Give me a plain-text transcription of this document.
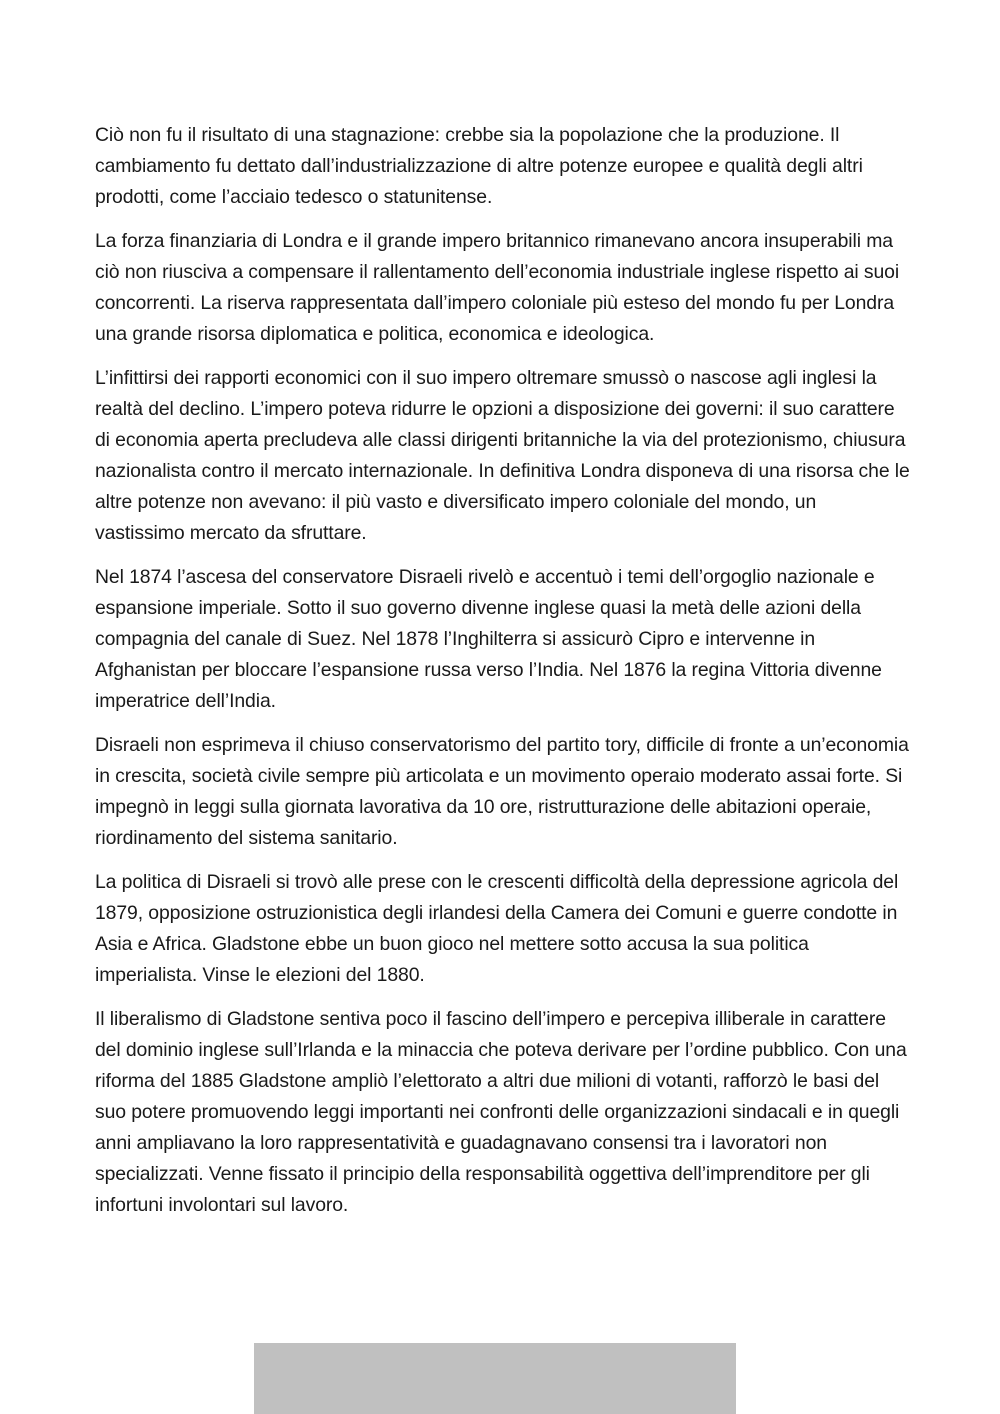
Ciò non fu il risultato di una stagnazione: crebbe sia la popolazione che la produzione. Il cambiamento fu dettato dall’industrializzazione di altre potenze europee e qualità degli altri prodotti, come l’acciaio tedesco o statunitense.

La forza finanziaria di Londra e il grande impero britannico rimanevano ancora insuperabili ma ciò non riusciva a compensare il rallentamento dell’economia industriale inglese rispetto ai suoi concorrenti. La riserva rappresentata dall’impero coloniale più esteso del mondo fu per Londra una grande risorsa diplomatica e politica, economica e ideologica.

L’infittirsi dei rapporti economici con il suo impero oltremare smussò o nascose agli inglesi la realtà del declino. L’impero poteva ridurre le opzioni a disposizione dei governi: il suo carattere di economia aperta precludeva alle classi dirigenti britanniche la via del protezionismo, chiusura nazionalista contro il mercato internazionale. In definitiva Londra disponeva di una risorsa che le altre potenze non avevano: il più vasto e diversificato impero coloniale del mondo, un vastissimo mercato da sfruttare.

Nel 1874 l’ascesa del conservatore Disraeli rivelò e accentuò i temi dell’orgoglio nazionale e espansione imperiale. Sotto il suo governo divenne inglese quasi la metà delle azioni della compagnia del canale di Suez. Nel 1878 l’Inghilterra si assicurò Cipro e intervenne in Afghanistan per bloccare l’espansione russa verso l’India. Nel 1876 la regina Vittoria divenne imperatrice dell’India.

Disraeli non esprimeva il chiuso conservatorismo del partito tory, difficile di fronte a un’economia in crescita, società civile sempre più articolata e un movimento operaio moderato assai forte. Si impegnò in leggi sulla giornata lavorativa da 10 ore, ristrutturazione delle abitazioni operaie, riordinamento del sistema sanitario.

La politica di Disraeli si trovò alle prese con le crescenti difficoltà della depressione agricola del 1879, opposizione ostruzionistica degli irlandesi della Camera dei Comuni e guerre condotte in Asia e Africa. Gladstone ebbe un buon gioco nel mettere sotto accusa la sua politica imperialista. Vinse le elezioni del 1880.

Il liberalismo di Gladstone sentiva poco il fascino dell’impero e percepiva illiberale in carattere del dominio inglese sull’Irlanda e la minaccia che poteva derivare per l’ordine pubblico. Con una riforma del 1885 Gladstone ampliò l’elettorato a altri due milioni di votanti, rafforzò le basi del suo potere promuovendo leggi importanti nei confronti delle organizzazioni sindacali e in quegli anni ampliavano la loro rappresentatività e guadagnavano consensi tra i lavoratori non specializzati. Venne fissato il principio della responsabilità oggettiva dell’imprenditore per gli infortuni involontari sul lavoro.
